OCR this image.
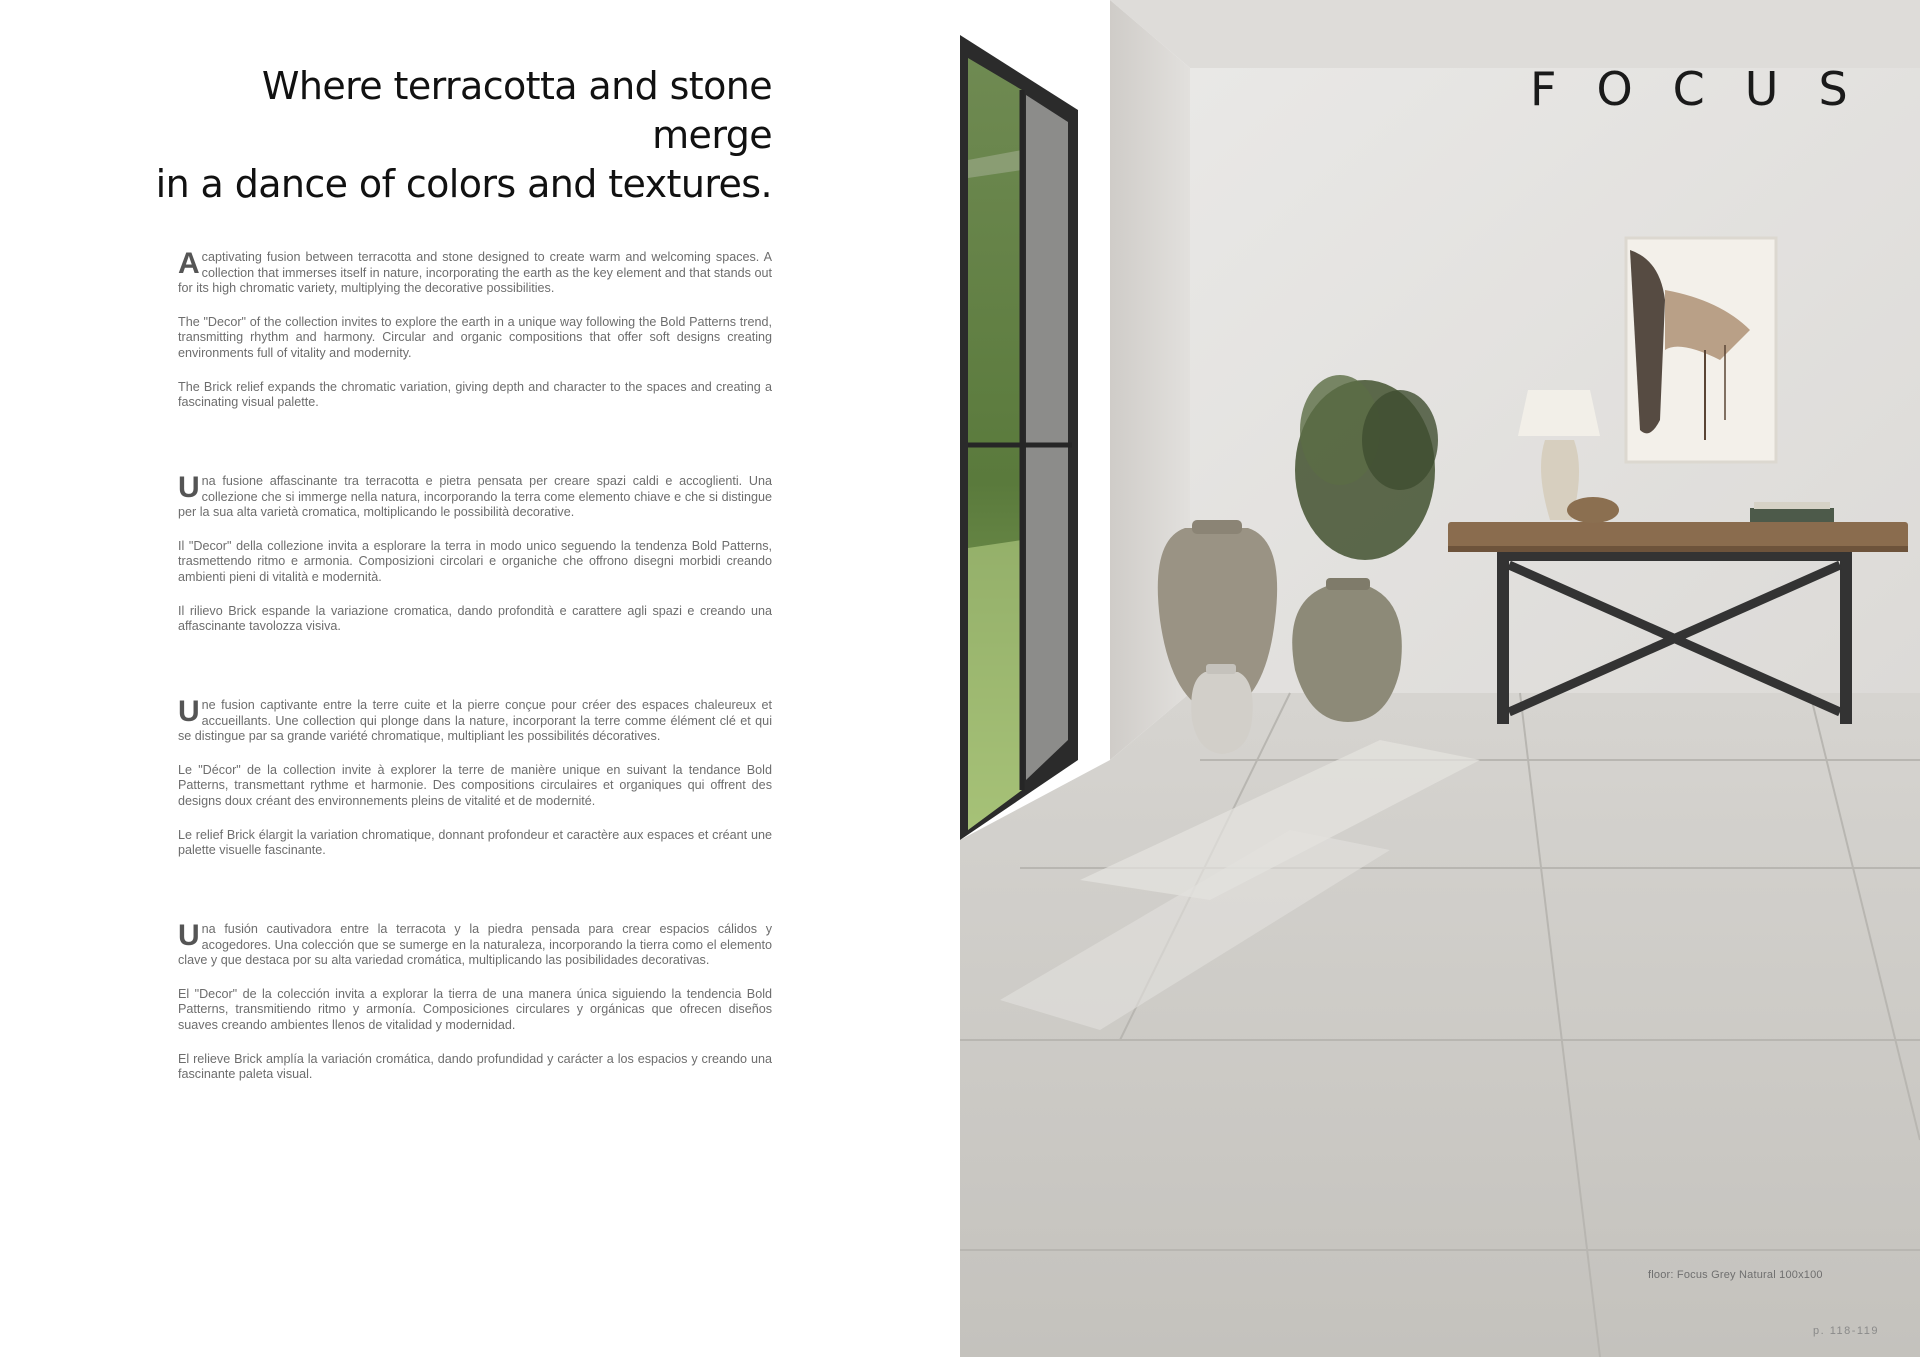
Where terracotta and stone merge
in a dance of colors and textures.

A captivating fusion between terracotta and stone designed to create warm and welcoming spaces. A collection that immerses itself in nature, incorporating the earth as the key element and that stands out for its high chromatic variety, multiplying the decorative possibilities.

The "Decor" of the collection invites to explore the earth in a unique way following the Bold Patterns trend, transmitting rhythm and harmony. Circular and organic compositions that offer soft designs creating environments full of vitality and modernity.

The Brick relief expands the chromatic variation, giving depth and character to the spaces and creating a fascinating visual palette.

Una fusione affascinante tra terracotta e pietra pensata per creare spazi caldi e accoglienti. Una collezione che si immerge nella natura, incorporando la terra come elemento chiave e che si distingue per la sua alta varietà cromatica, moltiplicando le possibilità decorative.

Il "Decor" della collezione invita a esplorare la terra in modo unico seguendo la tendenza Bold Patterns, trasmettendo ritmo e armonia. Composizioni circolari e organiche che offrono disegni morbidi creando ambienti pieni di vitalità e modernità.

Il rilievo Brick espande la variazione cromatica, dando profondità e carattere agli spazi e creando una affascinante tavolozza visiva.

Une fusion captivante entre la terre cuite et la pierre conçue pour créer des espaces chaleureux et accueillants. Une collection qui plonge dans la nature, incorporant la terre comme élément clé et qui se distingue par sa grande variété chromatique, multipliant les possibilités décoratives.

Le "Décor" de la collection invite à explorer la terre de manière unique en suivant la tendance Bold Patterns, transmettant rythme et harmonie. Des compositions circulaires et organiques qui offrent des designs doux créant des environnements pleins de vitalité et de modernité.

Le relief Brick élargit la variation chromatique, donnant profondeur et caractère aux espaces et créant une palette visuelle fascinante.

Una fusión cautivadora entre la terracota y la piedra pensada para crear espacios cálidos y acogedores. Una colección que se sumerge en la naturaleza, incorporando la tierra como el elemento clave y que destaca por su alta variedad cromática, multiplicando las posibilidades decorativas.

El "Decor" de la colección invita a explorar la tierra de una manera única siguiendo la tendencia Bold Patterns, transmitiendo ritmo y armonía. Composiciones circulares y orgánicas que ofrecen diseños suaves creando ambientes llenos de vitalidad y modernidad.

El relieve Brick amplía la variación cromática, dando profundidad y carácter a los espacios y creando una fascinante paleta visual.

FOCUS
floor: Focus Grey Natural 100x100
p. 118-119
